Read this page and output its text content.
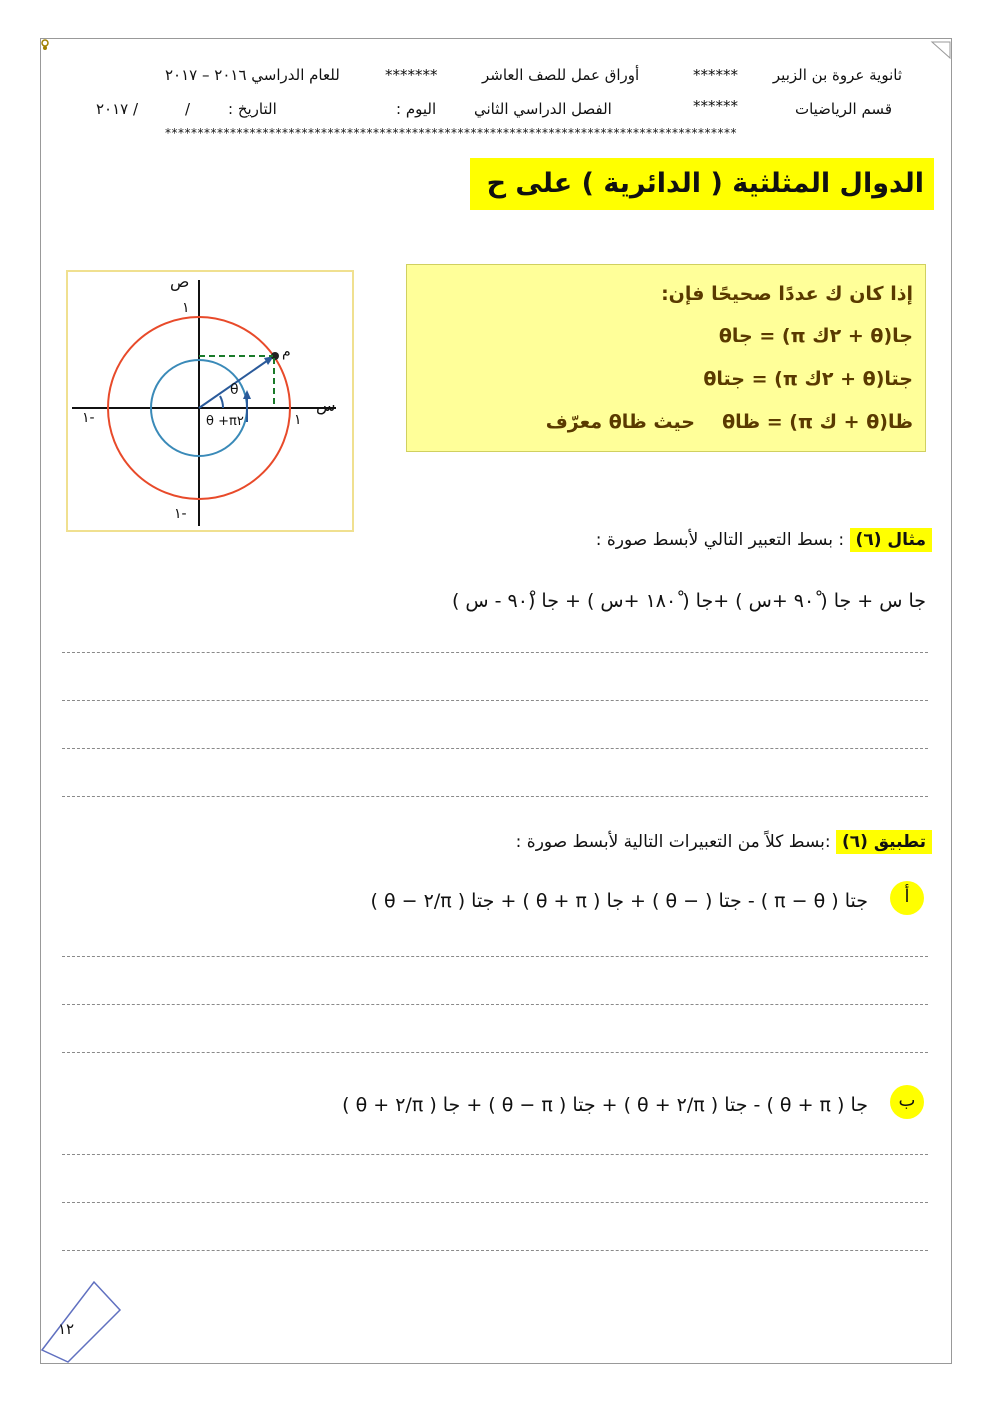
ثانوية عروة بن الزبير
******
أوراق عمل للصف العاشر
*******
للعام الدراسي ٢٠١٦ – ٢٠١٧
قسم الرياضيات
******
الفصل الدراسي الثاني
اليوم :
التاريخ :
/
/ ٢٠١٧
****************************************************************************************
الدوال المثلثية ( الدائرية ) على ح
ص
س
١
١-
١
١-
م
θ
θ +π٢
إذا كان ك عددًا صحيحًا فإن:
جا(θ + ٢ك π) = جاθ
جتا(θ + ٢ك π) = جتاθ
ظا(θ + ك π) = ظاθ
حيث ظاθ معرّف
مثال (٦) : بسط التعبير التالي لأبسط صورة :
جا س + جا ( ٩٠ْ +س ) +جا ( ١٨٠ْ +س ) + جا (٩٠ْ - س )
تطبيق (٦) :بسط كلاً من التعبيرات التالية لأبسط صورة :
أ
جتا ( π − θ ) - جتا ( − θ ) + جا ( θ + π ) + جتا ( π/٢ − θ )
ب
جا ( θ + π ) - جتا ( π/٢ + θ ) + جتا ( θ − π ) + جا ( π/٢ + θ )
١٢
